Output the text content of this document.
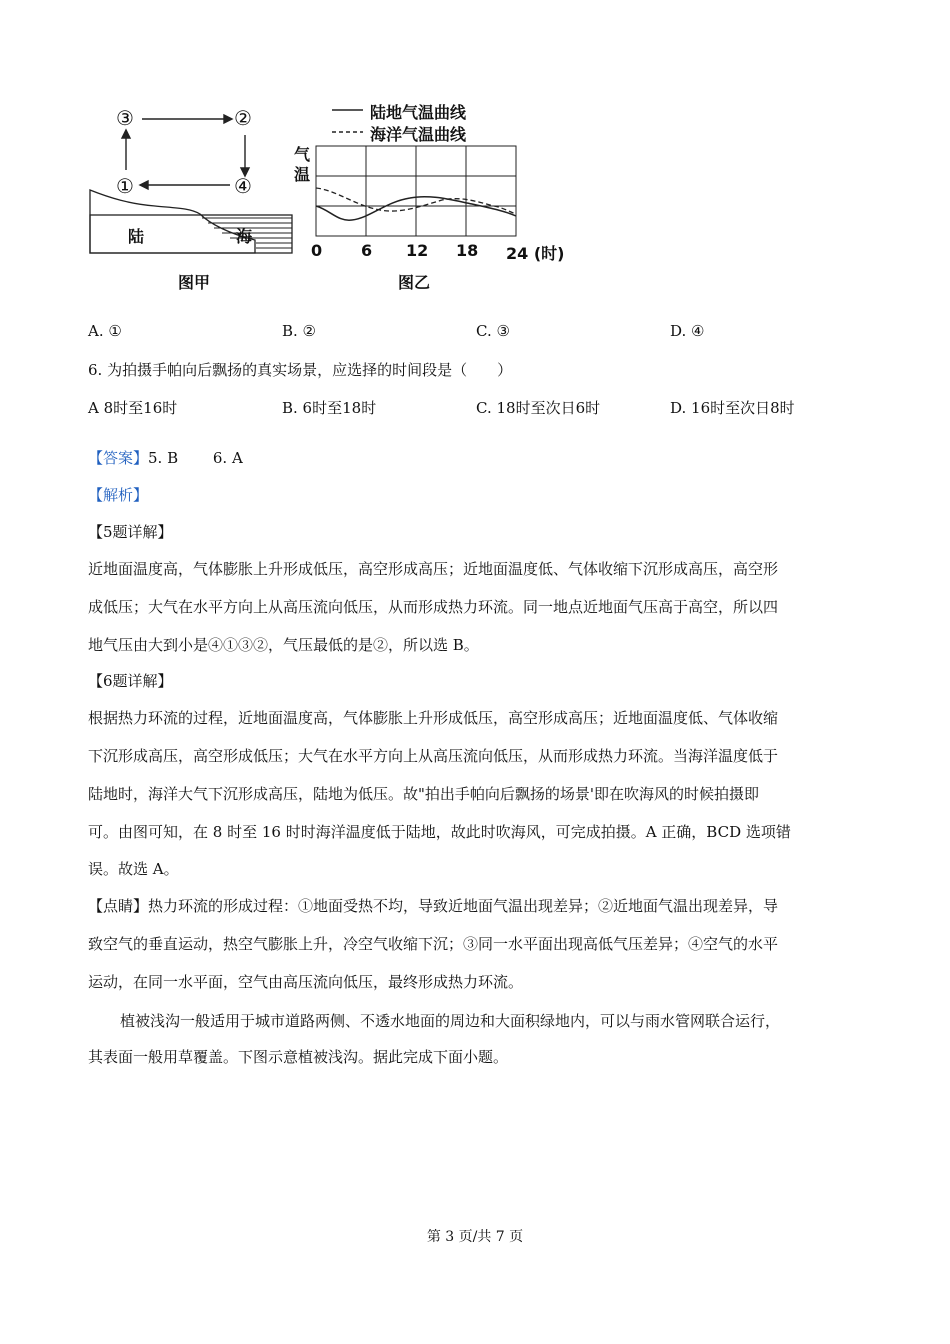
③	②
①	④
陆	海
图甲
陆地气温曲线
海洋气温曲线
气
温
0 6 12 18 24 (时)
图乙
A. ①	B. ②	C. ③	D. ④
6. 为拍摄手帕向后飘扬的真实场景，应选择的时间段是（　　）
A 8时至16时	B. 6时至18时	C. 18时至次日6时	D. 16时至次日8时
【答案】5. B　　 6. A
【解析】
【5题详解】
近地面温度高，气体膨胀上升形成低压，高空形成高压；近地面温度低、气体收缩下沉形成高压，高空形
成低压；大气在水平方向上从高压流向低压，从而形成热力环流。同一地点近地面气压高于高空，所以四
地气压由大到小是④①③②，气压最低的是②，所以选 B。
【6题详解】
根据热力环流的过程，近地面温度高，气体膨胀上升形成低压，高空形成高压；近地面温度低、气体收缩
下沉形成高压，高空形成低压；大气在水平方向上从高压流向低压，从而形成热力环流。当海洋温度低于
陆地时，海洋大气下沉形成高压，陆地为低压。故"拍出手帕向后飘扬的场景'即在吹海风的时候拍摄即
可。由图可知，在 8 时至 16 时时海洋温度低于陆地，故此时吹海风，可完成拍摄。A 正确，BCD 选项错
误。故选 A。
【点睛】热力环流的形成过程：①地面受热不均，导致近地面气温出现差异；②近地面气温出现差异，导
致空气的垂直运动，热空气膨胀上升，冷空气收缩下沉；③同一水平面出现高低气压差异；④空气的水平
运动，在同一水平面，空气由高压流向低压，最终形成热力环流。
植被浅沟一般适用于城市道路两侧、不透水地面的周边和大面积绿地内，可以与雨水管网联合运行，
其表面一般用草覆盖。下图示意植被浅沟。据此完成下面小题。
第 3 页/共 7 页
